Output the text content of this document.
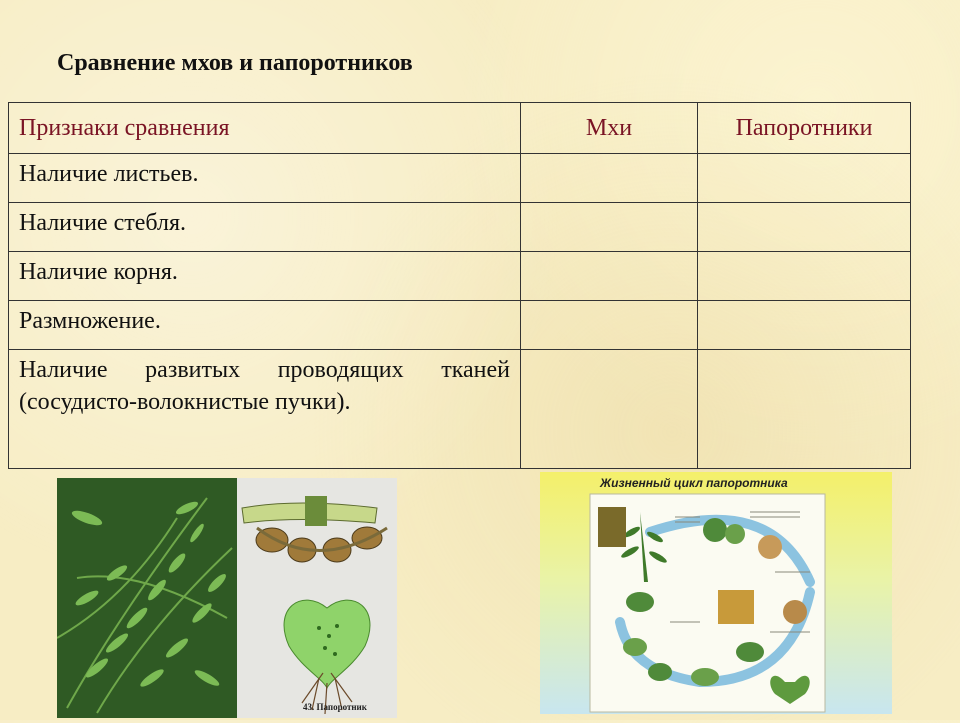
Сравнение мхов и папоротников
Признаки сравнения	Мхи	Папоротники
Наличие листьев.		
Наличие стебля.		
Наличие корня.		
Размножение.		
Наличие развитых проводящих тканей (сосудисто-волокнистые пучки).		
43. Папоротник
Жизненный цикл папоротника
